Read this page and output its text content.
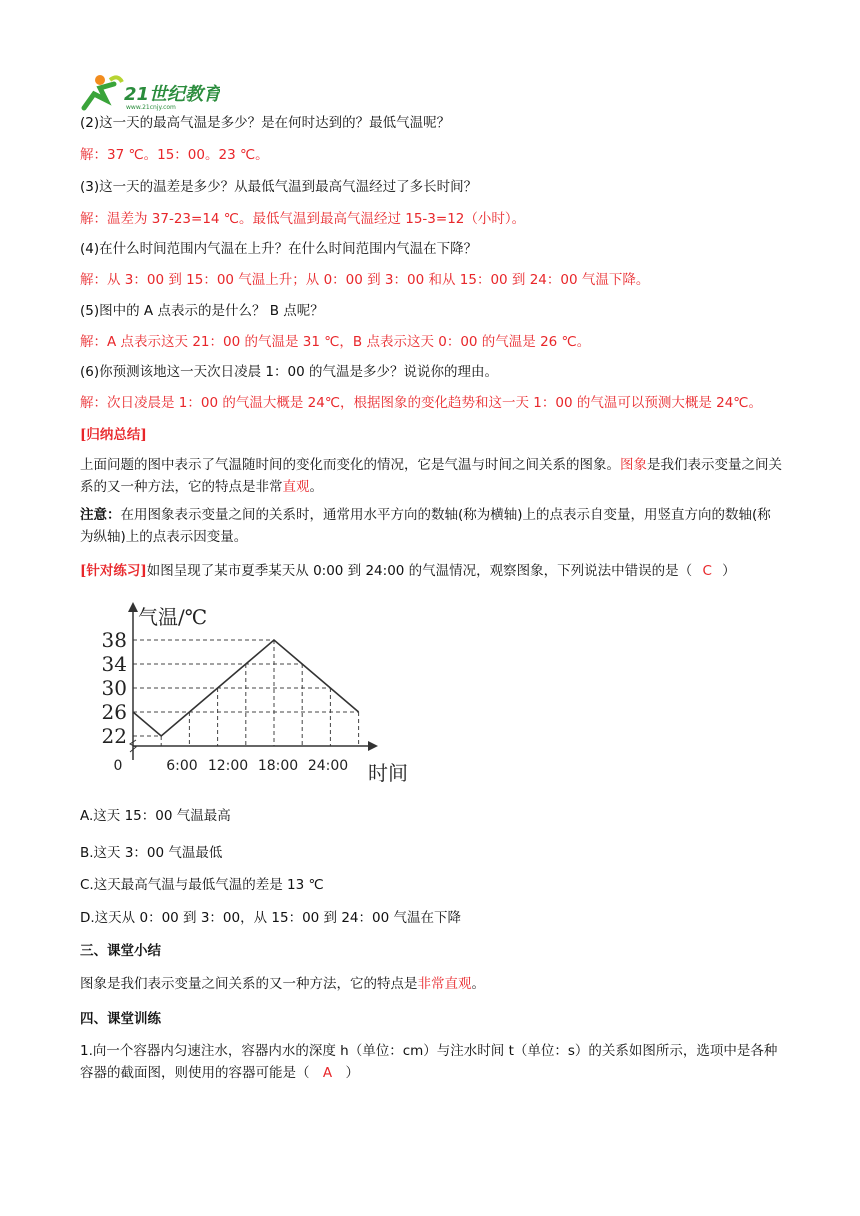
21世纪教育
www.21cnjy.com
(2)这一天的最高气温是多少？是在何时达到的？最低气温呢？
解：37 ℃。15：00。23 ℃。
(3)这一天的温差是多少？从最低气温到最高气温经过了多长时间？
解：温差为 37-23=14 ℃。最低气温到最高气温经过 15-3=12（小时）。
(4)在什么时间范围内气温在上升？在什么时间范围内气温在下降？
解：从 3：00 到 15：00 气温上升；从 0：00 到 3：00 和从 15：00 到 24：00 气温下降。
(5)图中的 A 点表示的是什么？ B 点呢？
解：A 点表示这天 21：00 的气温是 31 ℃，B 点表示这天 0：00 的气温是 26 ℃。
(6)你预测该地这一天次日凌晨 1：00 的气温是多少？说说你的理由。
解：次日凌晨是 1：00 的气温大概是 24℃，根据图象的变化趋势和这一天 1：00 的气温可以预测大概是 24℃。
[归纳总结]
上面问题的图中表示了气温随时间的变化而变化的情况，它是气温与时间之间关系的图象。图象是我们表示变量之间关系的又一种方法，它的特点是非常直观。
注意：在用图象表示变量之间的关系时，通常用水平方向的数轴(称为横轴)上的点表示自变量，用竖直方向的数轴(称为纵轴)上的点表示因变量。
[针对练习]如图呈现了某市夏季某天从 0:00 到 24:00 的气温情况，观察图象，下列说法中错误的是（ C ）
气温/℃
时间
38
34
30
26
22
0	6:00 12:00 18:00 24:00
A.这天 15：00 气温最高
B.这天 3：00 气温最低
C.这天最高气温与最低气温的差是 13 ℃
D.这天从 0：00 到 3：00，从 15：00 到 24：00 气温在下降
三、课堂小结
图象是我们表示变量之间关系的又一种方法，它的特点是非常直观。
四、课堂训练
1.向一个容器内匀速注水，容器内水的深度 h（单位：cm）与注水时间 t（单位：s）的关系如图所示，选项中是各种容器的截面图，则使用的容器可能是（ A ）
